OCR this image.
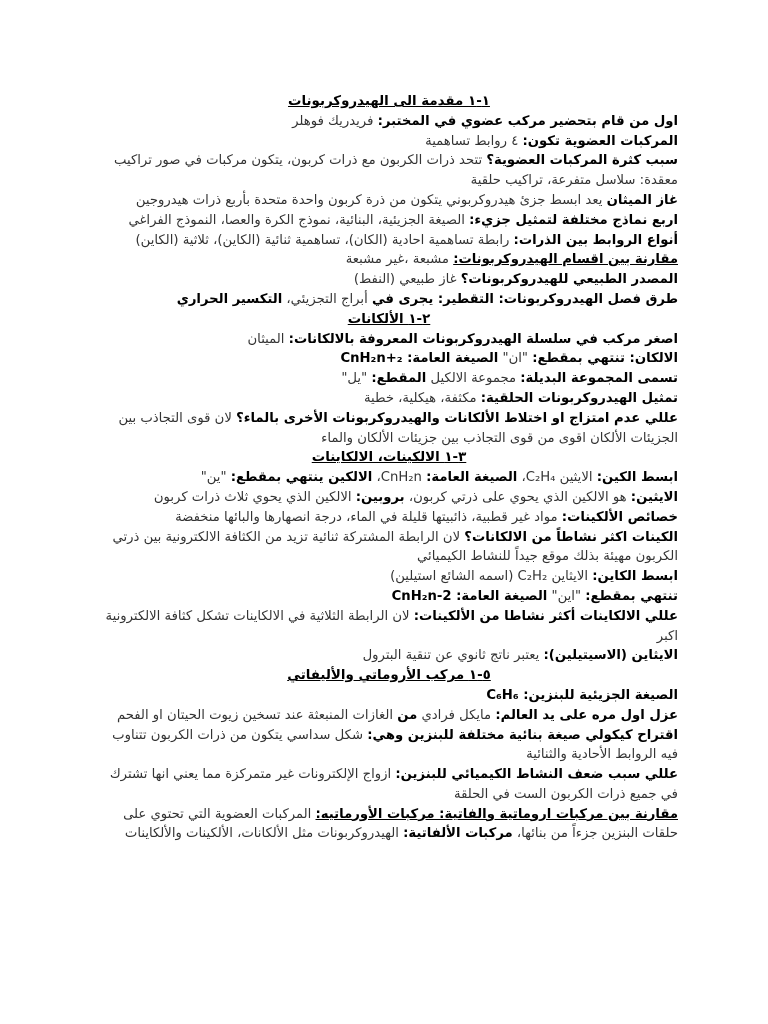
١-١ مقدمة الى الهيدروكربونات

اول من قام بتحضير مركب عضوي في المختبر: فريدريك فوهلر

المركبات العضوية تكون: ٤ روابط تساهمية

سبب كثرة المركبات العضوية؟ تتحد ذرات الكربون مع ذرات كربون، يتكون مركبات في صور تراكيب معقدة: سلاسل متفرعة، تراكيب حلقية

غاز الميثان يعد ابسط جزئ هيدروكربوني يتكون من ذرة كربون واحدة متحدة بأربع ذرات هيدروجين

اربع نماذج مختلفة لتمثيل جزيء: الصيغة الجزيئية، البنائية، نموذج الكرة والعصا، النموذج الفراغي

أنواع الروابط بين الذرات: رابطة تساهمية احادية (الكان)، تساهمية ثنائية (الكاين)، ثلاثية (الكاين)

مقارنة بين اقسام الهيدروكربونات: مشبعة ،غير مشبعة

المصدر الطبيعي للهيدروكربونات؟ غاز طبيعي (النفط)

طرق فصل الهيدروكربونات: التقطير: يجرى في أبراج التجزيئي، التكسير الحراري

٢-١ الألكانات

اصغر مركب في سلسلة الهيدروكربونات المعروفة بالالكانات: الميثان

الالكان: تنتهي بمقطع: "ان" الصيغة العامة: CnH₂n+₂

تسمى المجموعة البديلة: مجموعة الالكيل المقطع: "يل"

تمثيل الهيدروكربونات الحلقية: مكثفة، هيكلية، خطية

عللي عدم امتزاج او اختلاط الألكانات والهيدروكربونات الأخرى بالماء؟ لان قوى التجاذب بين الجزيئات الألكان اقوى من قوى التجاذب بين جزيئات الألكان والماء

٣-١ الالكينات، الالكاينات

ابسط الكين: الايثين C₂H₄، الصيغة العامة: CnH₂n، الالكين ينتهي بمقطع: "ين"

الايثين: هو الالكين الذي يحوي على ذرتي كربون، بروبين: الالكين الذي يحوي ثلاث ذرات كربون

خصائص الألكينات: مواد غير قطبية، ذائبيتها قليلة في الماء، درجة انصهارها والبائها منخفضة

الكينات اكثر نشاطاً من الالكانات؟ لان الرابطة المشتركة ثنائية تزيد من الكثافة الالكترونية بين ذرتي الكربون مهيئة بذلك موقع جيداً للنشاط الكيميائي

ابسط الكاين: الايثاين C₂H₂ (اسمه الشائع استيلين)

تنتهي بمقطع: "اين" الصيغة العامة: CnH₂n-2

عللي الالكاينات أكثر نشاطا من الألكينات: لان الرابطة الثلاثية في الالكاينات تشكل كثافة الالكترونية اكبر

الايثاين (الاسيتيلين): يعتبر ناتج ثانوي عن تنقية البترول

٥-١ مركب الأروماتي والأليفاتي

الصيغة الجزيئية للبنزين: C₆H₆

عزل اول مره على يد العالم: مايكل فرادي من الغازات المنبعثة عند تسخين زيوت الحيتان او الفحم

اقتراح كيكولي صيغة بنائية مختلفة للبنزين وهي: شكل سداسي يتكون من ذرات الكربون تتناوب فيه الروابط الأحادية والثنائية

عللي سبب ضعف النشاط الكيميائي للبنزين: ازواج الإلكترونات غير متمركزة مما يعني انها تشترك في جميع ذرات الكربون الست في الحلقة

مقارنة بين مركبات اروماتية والفاتية: مركبات الأورماتيه: المركبات العضوية التي تحتوي على حلقات البنزين جزءاً من بنائها، مركبات الألفاتية: الهيدروكربونات مثل الألكانات، الألكينات والألكاينات
